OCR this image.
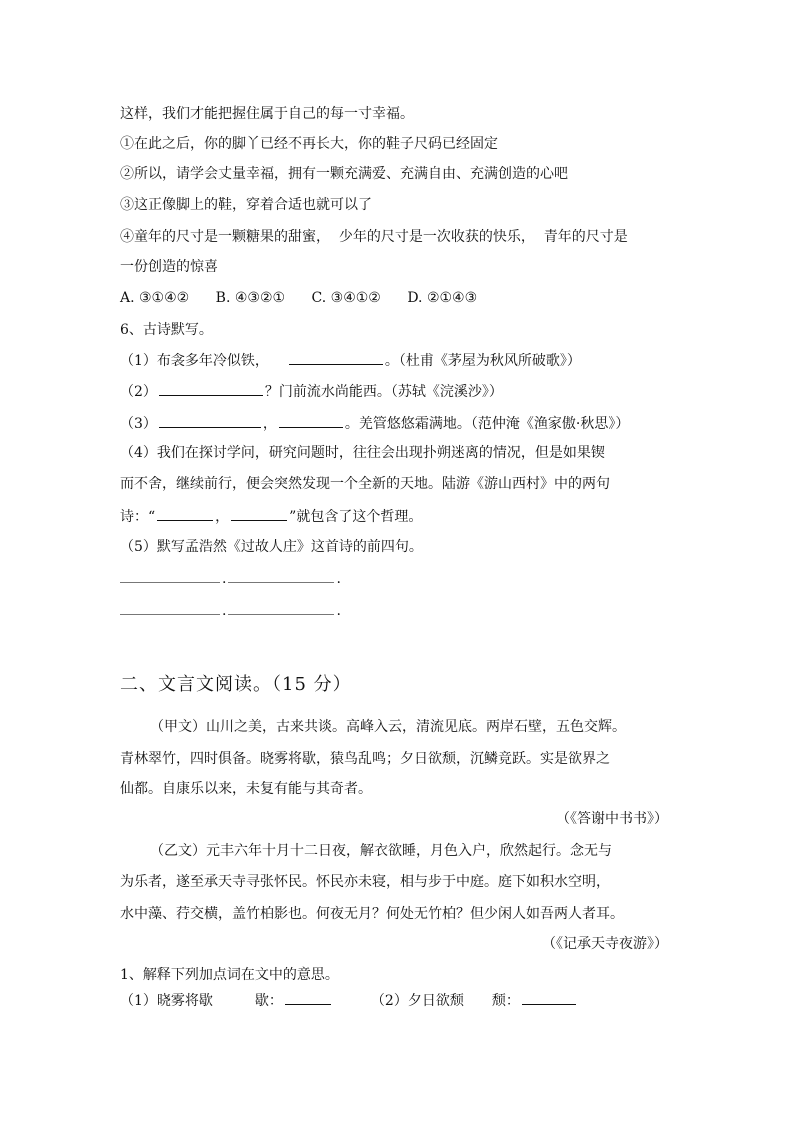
这样，我们才能把握住属于自己的每一寸幸福。
①在此之后，你的脚丫已经不再长大，你的鞋子尺码已经固定
②所以，请学会丈量幸福，拥有一颗充满爱、充满自由、充满创造的心吧
③这正像脚上的鞋，穿着合适也就可以了
④童年的尺寸是一颗糖果的甜蜜，  少年的尺寸是一次收获的快乐，  青年的尺寸是
一份创造的惊喜
A. ③①④② B. ④③②① C. ③④①② D. ②①④③
6、古诗默写。
（1）布衾多年冷似铁，	。（杜甫《茅屋为秋风所破歌》）
（2）	？门前流水尚能西。（苏轼《浣溪沙》）
（3）	，	。羌管悠悠霜满地。（范仲淹《渔家傲·秋思》）
（4）我们在探讨学问，研究问题时，往往会出现扑朔迷离的情况，但是如果锲
而不舍，继续前行，便会突然发现一个全新的天地。陆游《游山西村》中的两句
诗：“	，	”就包含了这个哲理。
（5）默写孟浩然《过故人庄》这首诗的前四句。
.	.
.	.
二、文言文阅读。（15 分）
（甲文）山川之美，古来共谈。高峰入云，清流见底。两岸石壁，五色交辉。
青林翠竹，四时俱备。晓雾将歇，猿鸟乱鸣；夕日欲颓，沉鳞竞跃。实是欲界之
仙都。自康乐以来，未复有能与其奇者。
（《答谢中书书》）
（乙文）元丰六年十月十二日夜，解衣欲睡，月色入户，欣然起行。念无与
为乐者，遂至承天寺寻张怀民。怀民亦未寝，相与步于中庭。庭下如积水空明，
水中藻、荇交横，盖竹柏影也。何夜无月？何处无竹柏？但少闲人如吾两人者耳。
（《记承天寺夜游》）
1、解释下列加点词在文中的意思。
（1）晓雾将歇	歇：	（2）夕日欲颓 颓：
